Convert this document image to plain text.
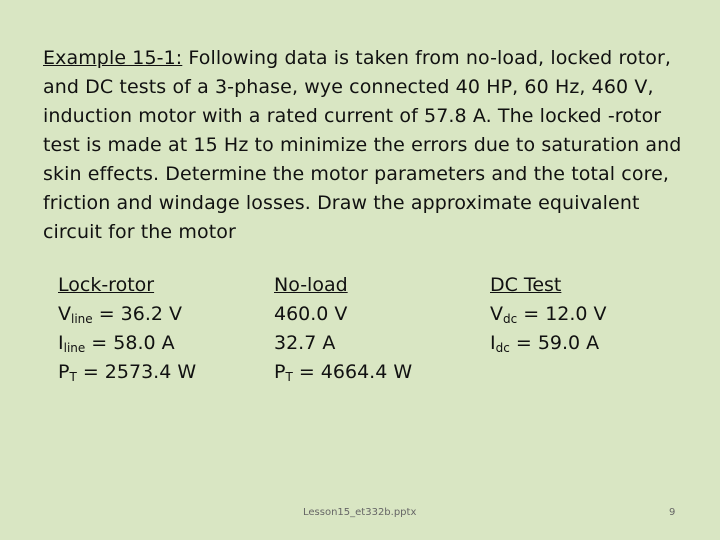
Example 15-1: Following data is taken from no-load, locked rotor, and DC tests of a 3-phase, wye connected 40 HP, 60 Hz, 460 V, induction motor with a rated current of 57.8 A. The locked -rotor test is made at 15 Hz to minimize the errors due to saturation and skin effects. Determine the motor parameters and the total core, friction and windage losses. Draw the approximate equivalent circuit for the motor
Lock-rotor
$V_{line} = 36.2$ V
$I_{line} = 58.0$ A
$P_T = 2573.4$ W
No-load
460.0 V
32.7 A
$P_T = 4664.4$ W
DC Test
$V_{dc} = 12.0$ V
$I_{dc} = 59.0$ A
Lesson15_et332b.pptx	9
